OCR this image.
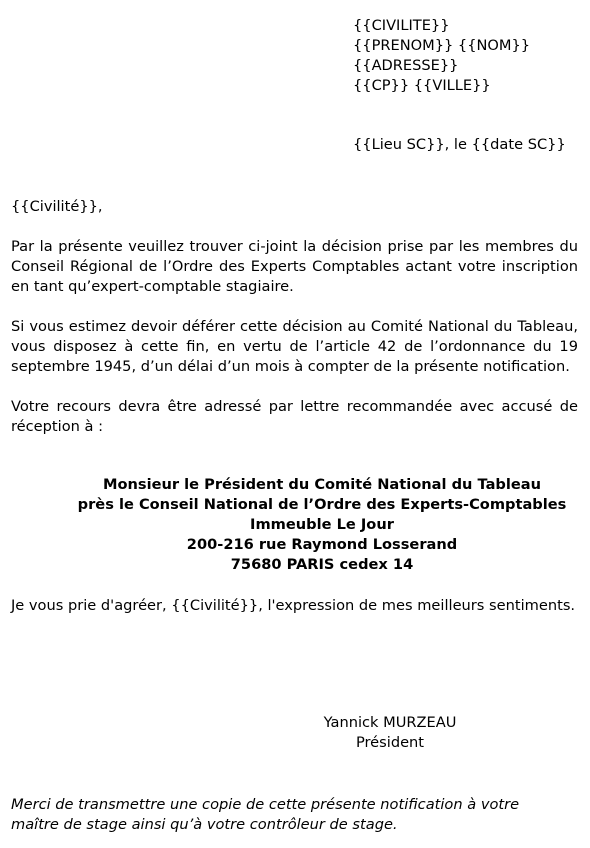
{{CIVILITE}}
{{PRENOM}} {{NOM}}
{{ADRESSE}}
{{CP}} {{VILLE}}
{{Lieu SC}}, le {{date SC}}
{{Civilité}},
Par la présente veuillez trouver ci-joint la décision prise par les membres du Conseil Régional de l’Ordre des Experts Comptables actant votre inscription en tant qu’expert-comptable stagiaire.
Si vous estimez devoir déférer cette décision au Comité National du Tableau, vous disposez à cette fin, en vertu de l’article 42 de l’ordonnance du 19 septembre 1945, d’un délai d’un mois à compter de la présente notification.
Votre recours devra être adressé par lettre recommandée avec accusé de réception à :
Monsieur le Président du Comité National du Tableau
près le Conseil National de l’Ordre des Experts-Comptables
Immeuble Le Jour
200-216 rue Raymond Losserand
75680 PARIS cedex 14
Je vous prie d'agréer, {{Civilité}}, l'expression de mes meilleurs sentiments.
Yannick MURZEAU
Président
Merci de transmettre une copie de cette présente notification à votre
maître de stage ainsi qu’à votre contrôleur de stage.
